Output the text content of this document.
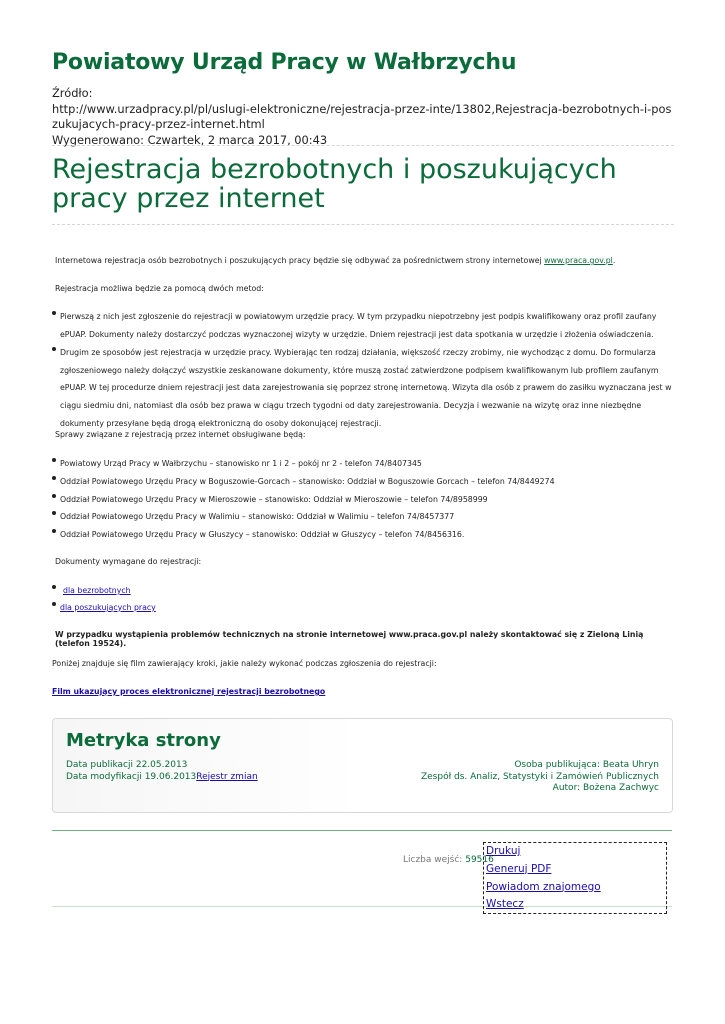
Powiatowy Urząd Pracy w Wałbrzychu
Źródło:
http://www.urzadpracy.pl/pl/uslugi-elektroniczne/rejestracja-przez-inte/13802,Rejestracja-bezrobotnych-i-poszukujacych-pracy-przez-internet.html
Wygenerowano: Czwartek, 2 marca 2017, 00:43
Rejestracja bezrobotnych i poszukujących pracy przez internet
Internetowa rejestracja osób bezrobotnych i poszukujących pracy będzie się odbywać za pośrednictwem strony internetowej www.praca.gov.pl.
Rejestracja możliwa będzie za pomocą dwóch metod:
Pierwszą z nich jest zgłoszenie do rejestracji w powiatowym urzędzie pracy. W tym przypadku niepotrzebny jest podpis kwalifikowany oraz profil zaufany ePUAP. Dokumenty należy dostarczyć podczas wyznaczonej wizyty w urzędzie. Dniem rejestracji jest data spotkania w urzędzie i złożenia oświadczenia.
Drugim ze sposobów jest rejestracja w urzędzie pracy. Wybierając ten rodzaj działania, większość rzeczy zrobimy, nie wychodząc z domu. Do formularza zgłoszeniowego należy dołączyć wszystkie zeskanowane dokumenty, które muszą zostać zatwierdzone podpisem kwalifikowanym lub profilem zaufanym ePUAP. W tej procedurze dniem rejestracji jest data zarejestrowania się poprzez stronę internetową. Wizyta dla osób z prawem do zasiłku wyznaczana jest w ciągu siedmiu dni, natomiast dla osób bez prawa w ciągu trzech tygodni od daty zarejestrowania. Decyzja i wezwanie na wizytę oraz inne niezbędne dokumenty przesyłane będą drogą elektroniczną do osoby dokonującej rejestracji.
Sprawy związane z rejestracją przez internet obsługiwane będą:
Powiatowy Urząd Pracy w Wałbrzychu – stanowisko nr 1 i 2 – pokój nr 2 - telefon 74/8407345
Oddział Powiatowego Urzędu Pracy w Boguszowie-Gorcach – stanowisko: Oddział w Boguszowie Gorcach – telefon 74/8449274
Oddział Powiatowego Urzędu Pracy w Mieroszowie – stanowisko: Oddział w Mieroszowie – telefon 74/8958999
Oddział Powiatowego Urzędu Pracy w Walimiu – stanowisko: Oddział w Walimiu – telefon 74/8457377
Oddział Powiatowego Urzędu Pracy w Głuszycy – stanowisko: Oddział w Głuszycy – telefon 74/8456316.
Dokumenty wymagane do rejestracji:
dla bezrobotnych
dla poszukujących pracy
W przypadku wystąpienia problemów technicznych na stronie internetowej www.praca.gov.pl należy skontaktować się z Zieloną Linią (telefon 19524).
Poniżej znajduje się film zawierający kroki, jakie należy wykonać podczas zgłoszenia do rejestracji:
Film ukazujący proces elektronicznej rejestracji bezrobotnego
Metryka strony
Data publikacji 22.05.2013
Data modyfikacji 19.06.2013Rejestr zmian
Osoba publikująca: Beata Uhryn
Zespół ds. Analiz, Statystyki i Zamówień Publicznych
Autor: Bożena Zachwyc
Liczba wejść: 59516
Drukuj
Generuj PDF
Powiadom znajomego
Wstecz
